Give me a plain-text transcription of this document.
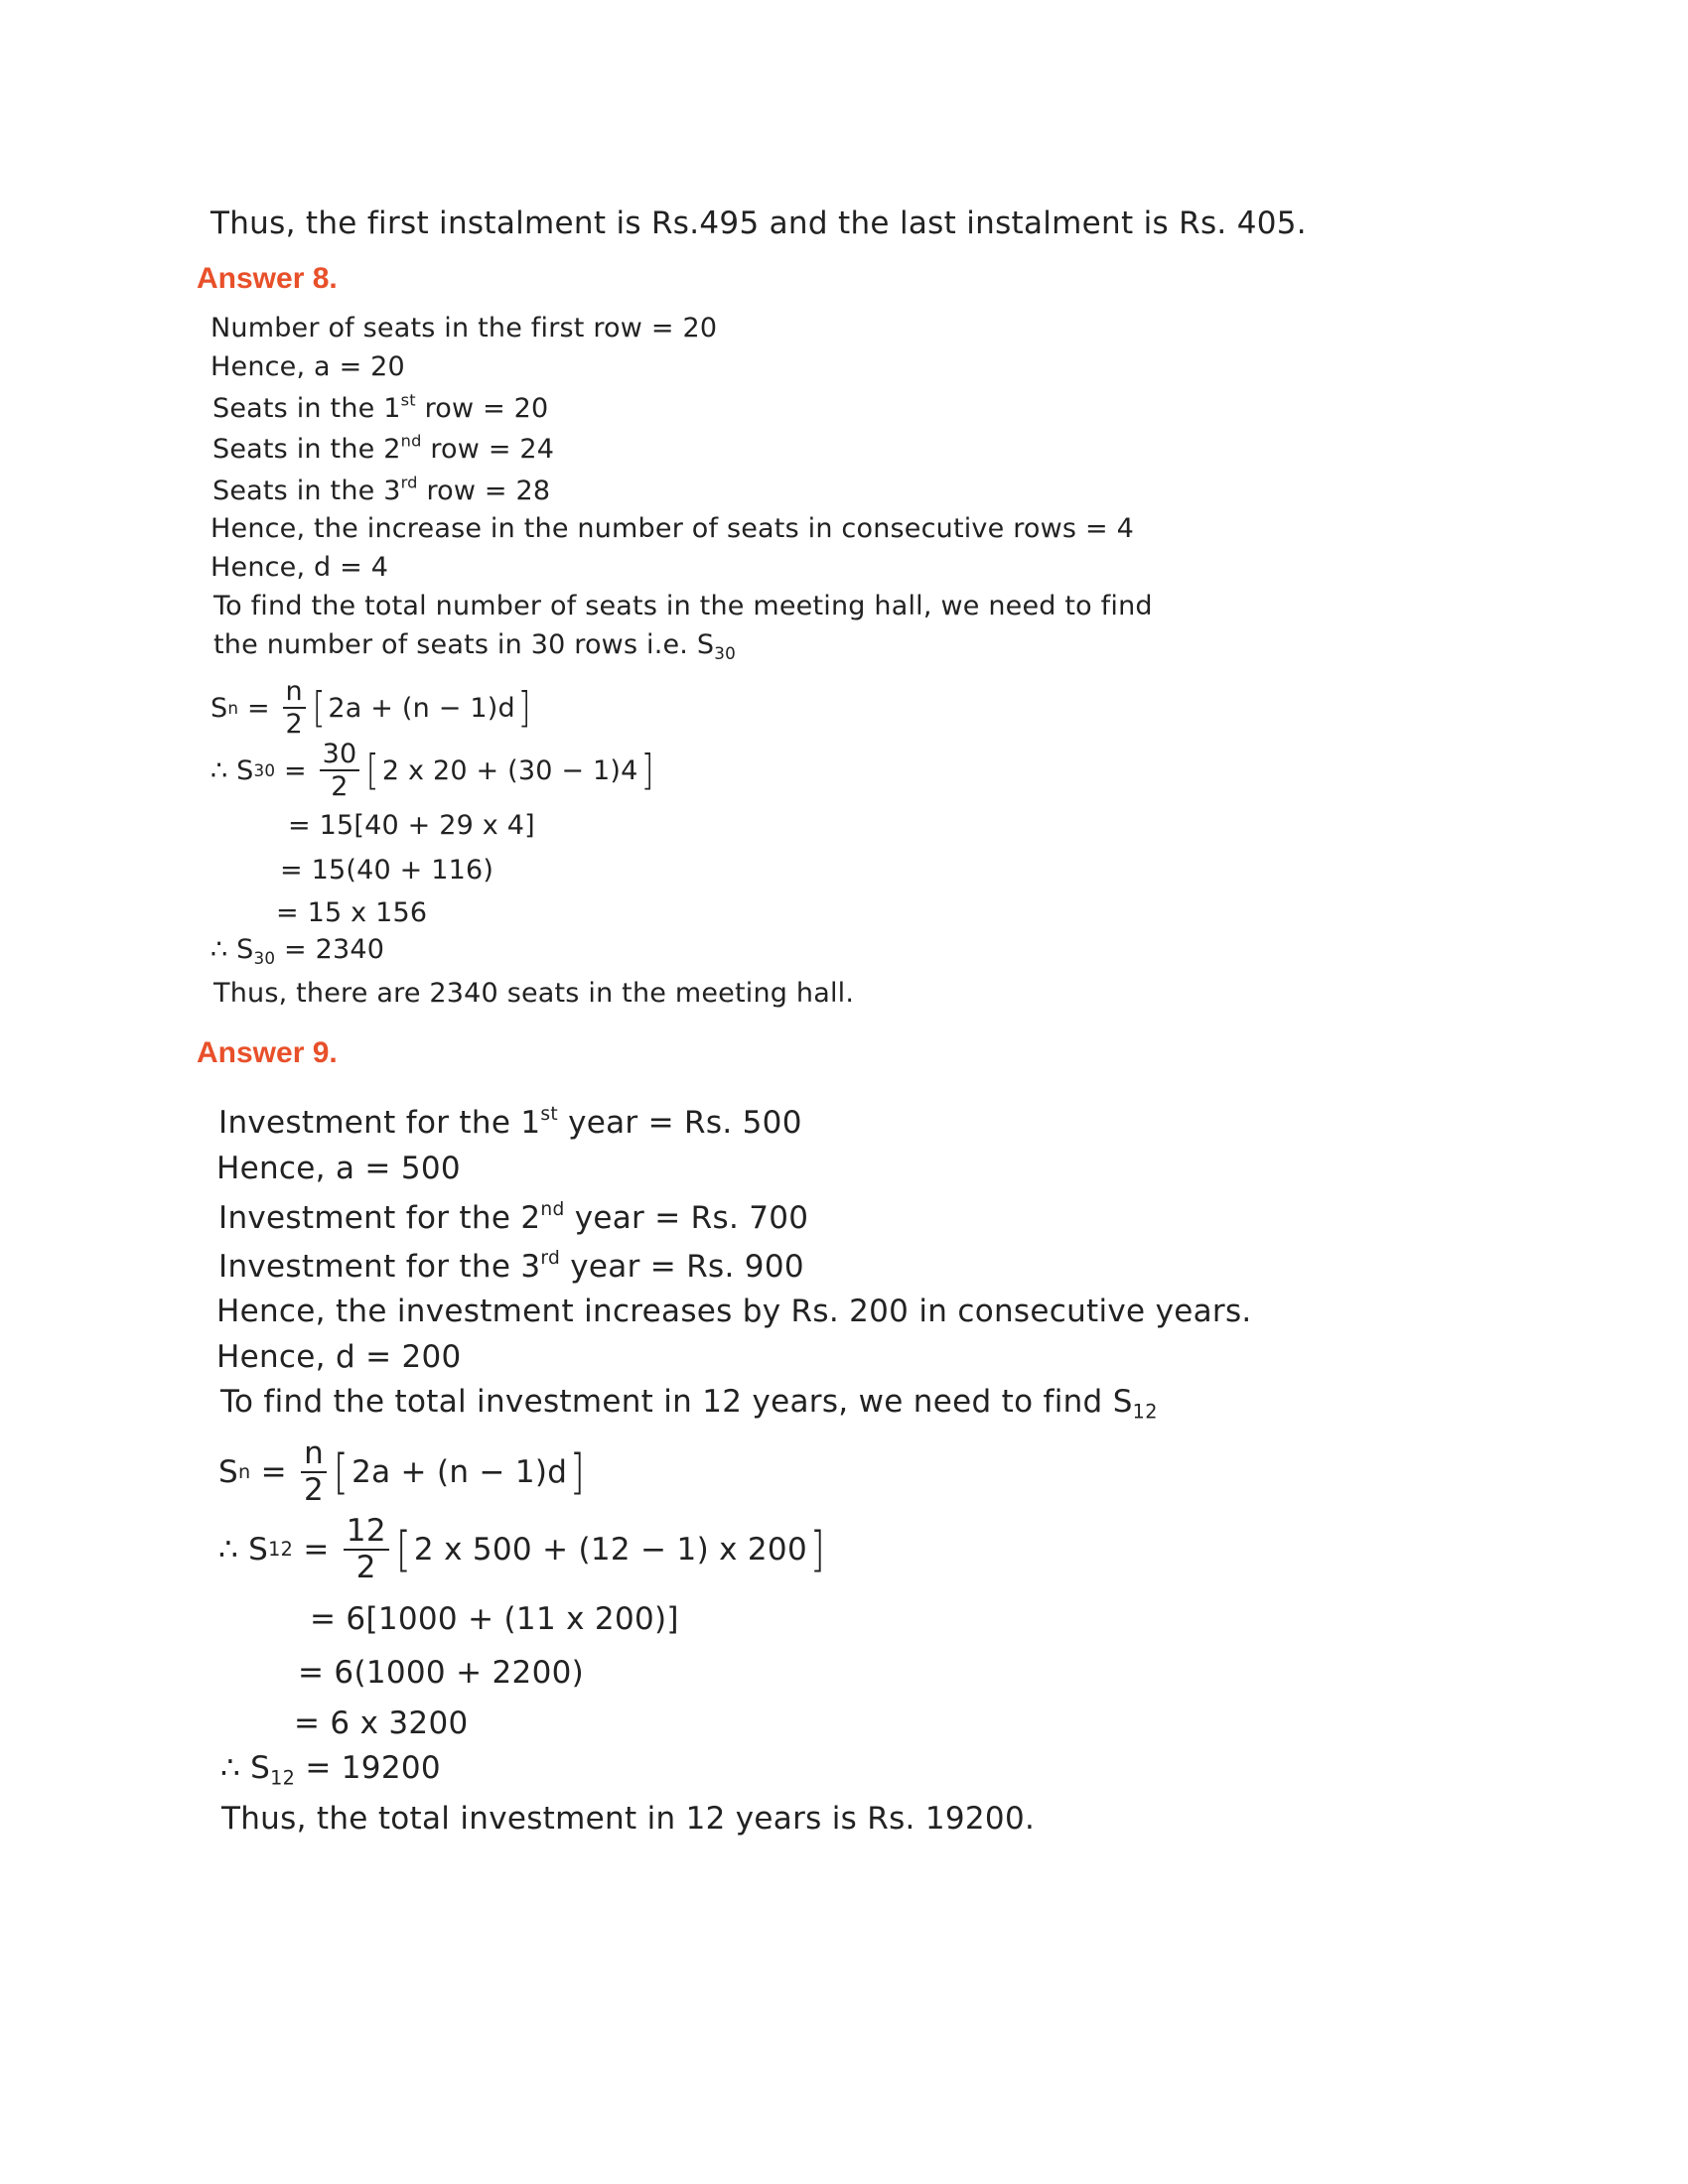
Thus, the first instalment is Rs.495 and the last instalment is Rs. 405.
Answer 8.
Number of seats in the first row = 20
Hence, a = 20
Seats in the 1st row = 20
Seats in the 2nd row = 24
Seats in the 3rd row = 28
Hence, the increase in the number of seats in consecutive rows = 4
Hence, d = 4
To find the total number of seats in the meeting hall, we need to find
the number of seats in 30 rows i.e. $S_{30}$
S $n = \frac{n}{2}$ [ 2a + (n − 1)d ]
∴ S $30 = \frac{30}{2}$ [ 2 x 20 + (30 − 1)4 ]
= 15[40 + 29 x 4]
= 15(40 + 116)
= 15 x 156
∴ $S_{30} = 2340$
Thus, there are 2340 seats in the meeting hall.
Answer 9.
Investment for the 1st year = Rs. 500
Hence, a = 500
Investment for the 2nd year = Rs. 700
Investment for the 3rd year = Rs. 900
Hence, the investment increases by Rs. 200 in consecutive years.
Hence, d = 200
To find the total investment in 12 years, we need to find $S_{12}$
S $n = \frac{n}{2}$ [ 2a + (n − 1)d ]
∴ S $12 = \frac{12}{2}$ [ 2 x 500 + (12 − 1) x 200 ]
= 6[1000 + (11 x 200)]
= 6(1000 + 2200)
= 6 x 3200
∴ $S_{12} = 19200$
Thus, the total investment in 12 years is Rs. 19200.
